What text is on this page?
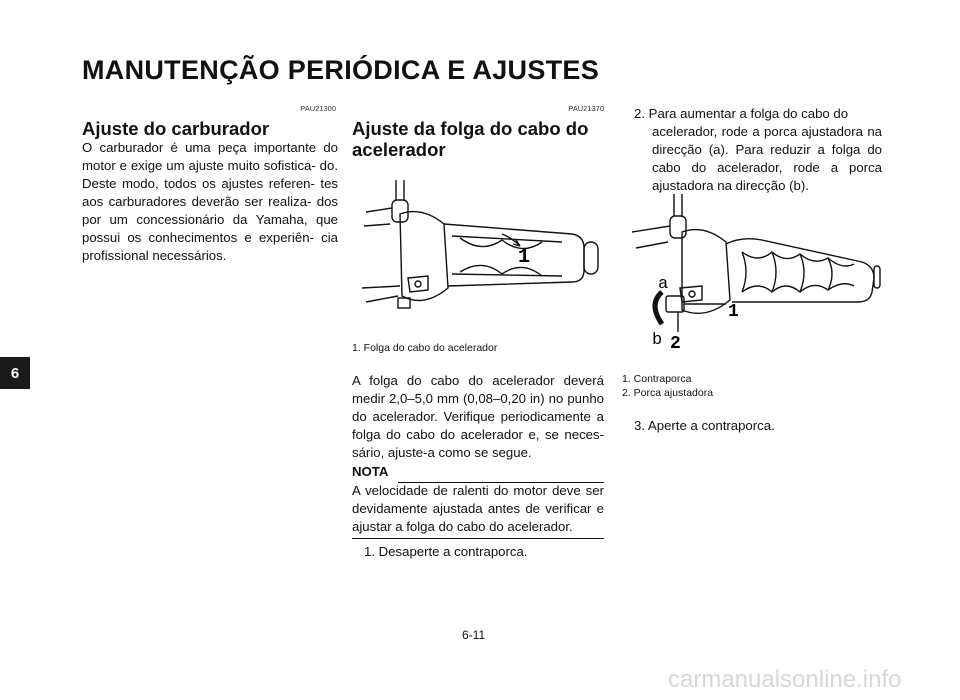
MANUTENÇÃO PERIÓDICA E AJUSTES
6
PAU21300
Ajuste do carburador
O carburador é uma peça importante do motor e exige um ajuste muito sofistica- do. Deste modo, todos os ajustes referen- tes aos carburadores deverão ser realiza- dos por um concessionário da Yamaha, que possui os conhecimentos e experiên- cia profissional necessários.
PAU21370
Ajuste da folga do cabo do
acelerador
1
1. Folga do cabo do acelerador
A folga do cabo do acelerador deverá medir 2,0–5,0 mm (0,08–0,20 in) no punho do acelerador. Verifique periodicamente a folga do cabo do acelerador e, se neces- sário, ajuste-a como se segue.
NOTA
A velocidade de ralenti do motor deve ser devidamente ajustada antes de verificar e ajustar a folga do cabo do acelerador.
1. Desaperte a contraporca.
2. Para aumentar a folga do cabo do
acelerador, rode a porca ajustadora na direcção (a). Para reduzir a folga do cabo do acelerador, rode a porca ajustadora na direcção (b).
a
b
1
2
1. Contraporca
2. Porca ajustadora
3. Aperte a contraporca.
6-11
carmanualsonline.info
